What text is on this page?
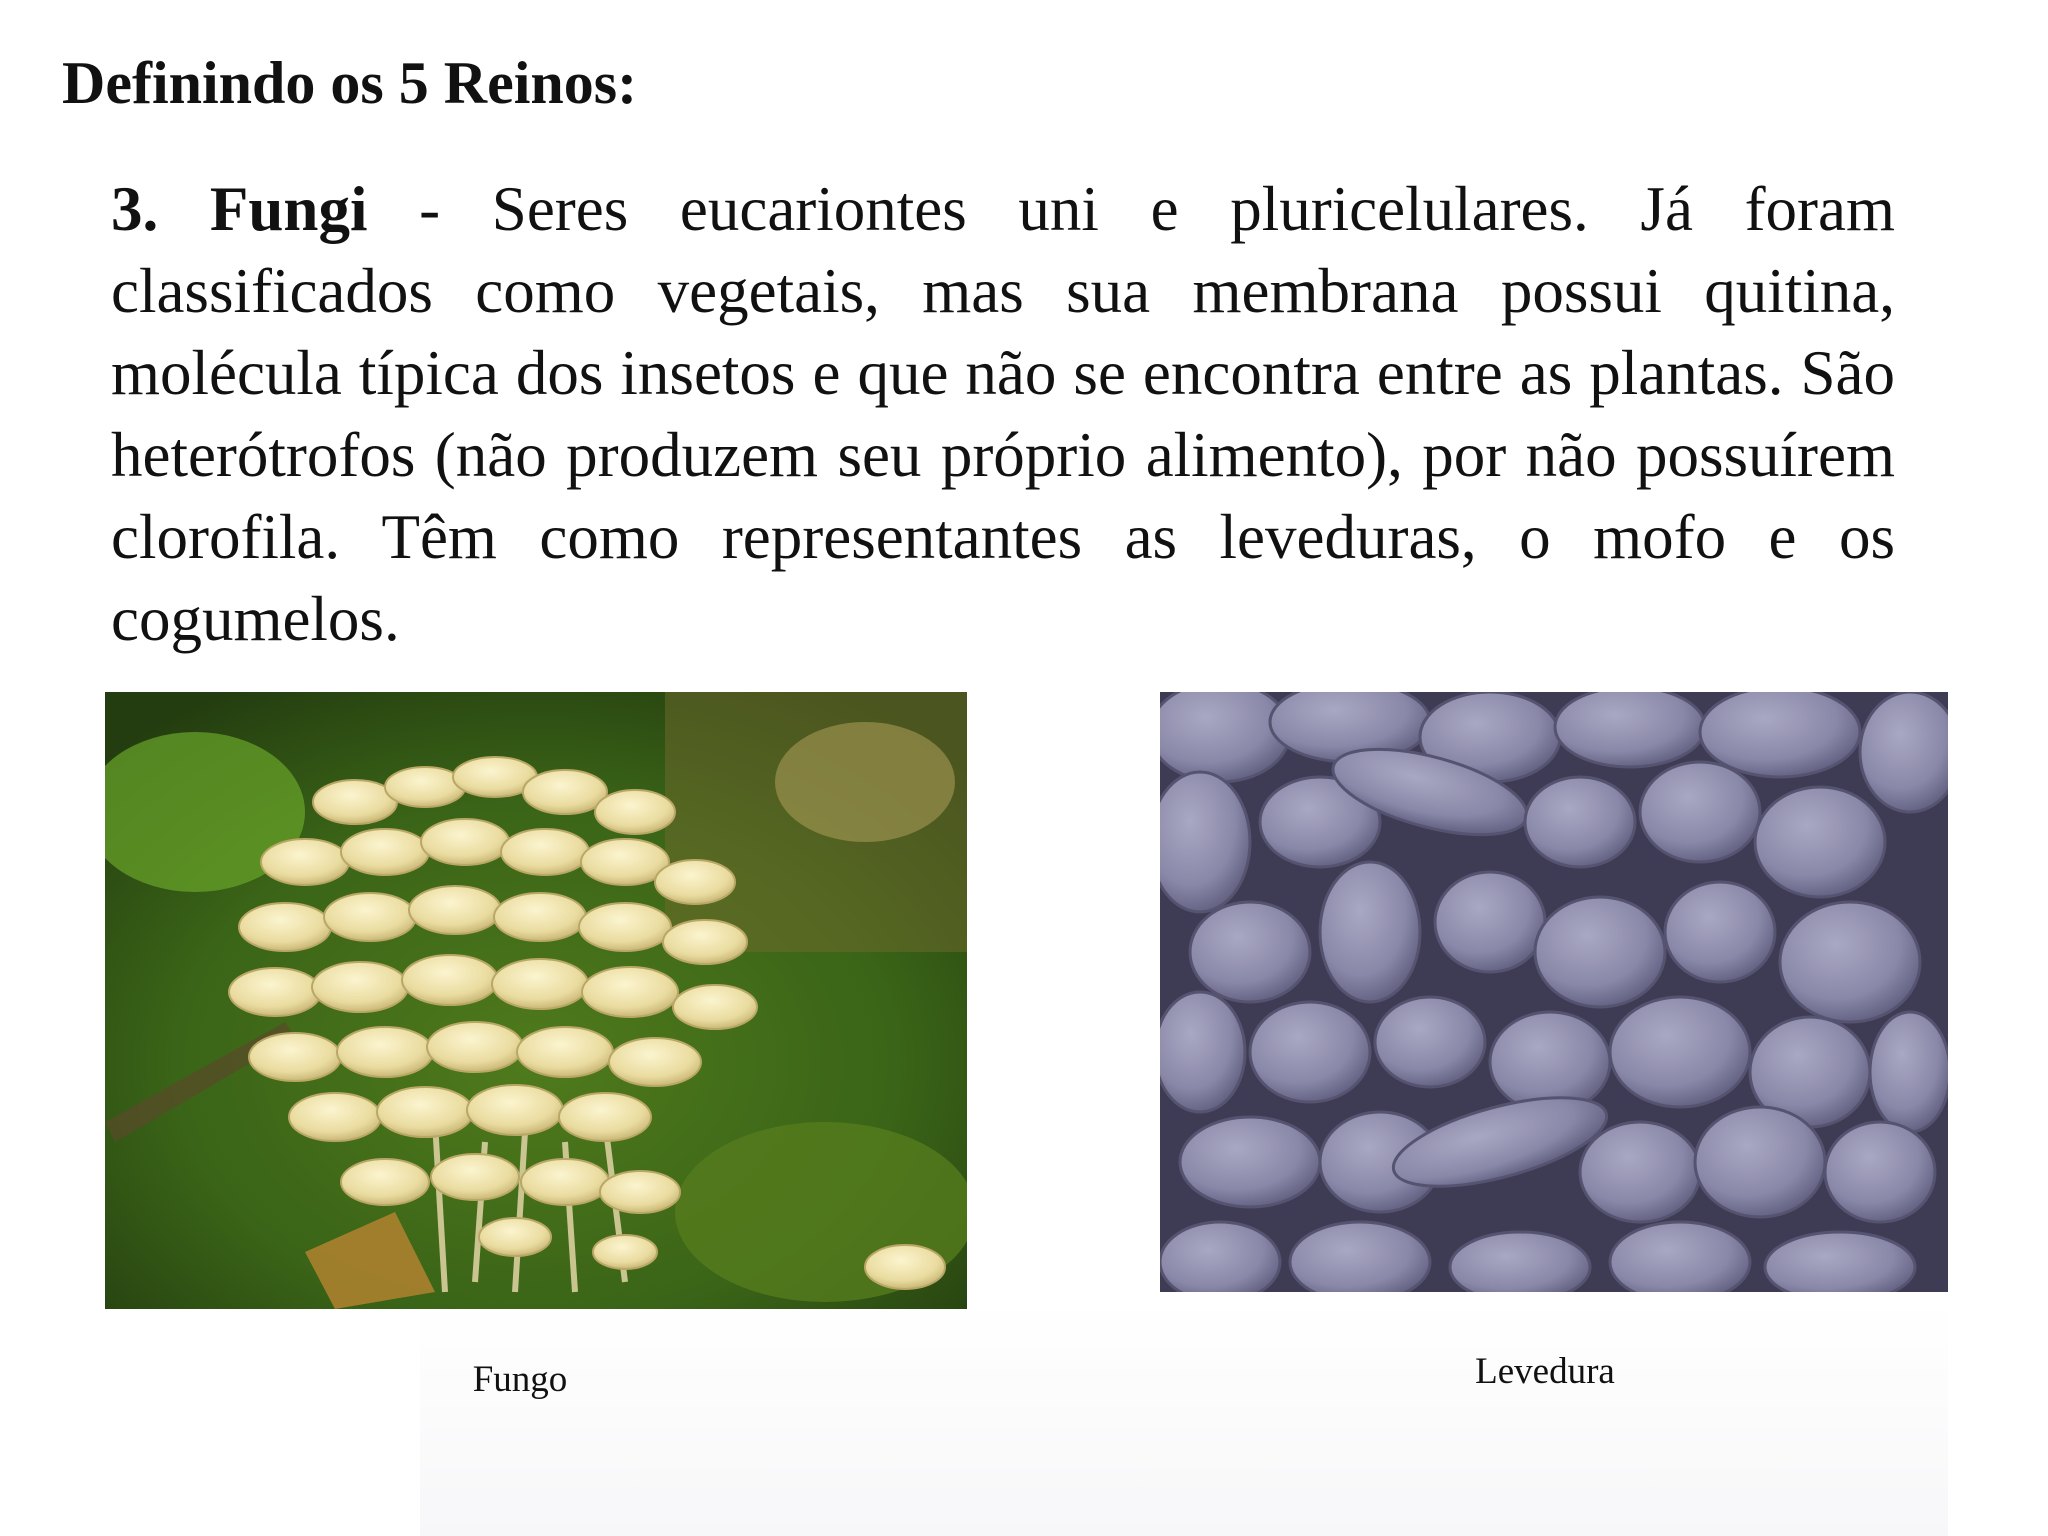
Definindo os 5 Reinos:

3. Fungi - Seres eucariontes uni e pluricelulares. Já foram classificados como vegetais, mas sua membrana possui quitina, molécula típica dos insetos e que não se encontra entre as plantas. São heterótrofos (não produzem seu próprio alimento), por não possuírem clorofila. Têm como representantes as leveduras, o mofo e os cogumelos.

Fungo	Levedura
